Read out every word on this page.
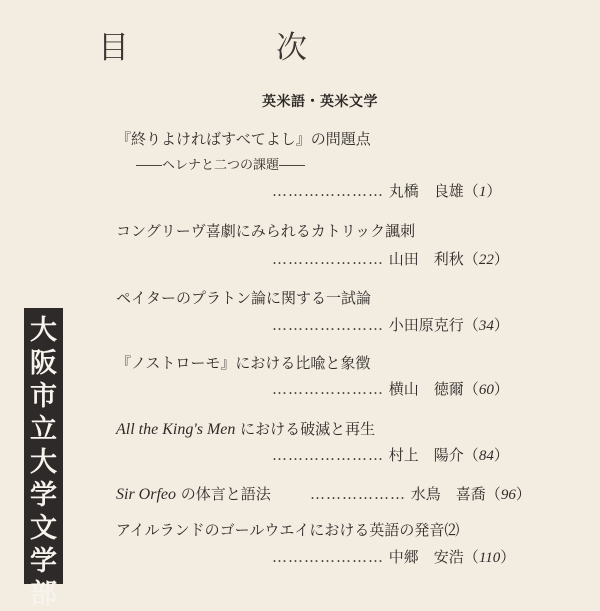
目　次
英米語・英米文学
『終りよければすべてよし』の問題点
――ヘレナと二つの課題――
………………… 丸橋　良雄（1）
コングリーヴ喜劇にみられるカトリック諷刺
………………… 山田　利秋（22）
ペイターのプラトン論に関する一試論
………………… 小田原克行（34）
『ノストローモ』における比喩と象徴
………………… 横山　徳爾（60）
All the King's Men における破滅と再生
………………… 村上　陽介（84）
Sir Orfeo の体言と語法	……………… 水鳥　喜喬（96）
アイルランドのゴールウエイにおける英語の発音⑵
………………… 中郷　安浩（110）
大
阪
市
立
大
学
文
学
部
